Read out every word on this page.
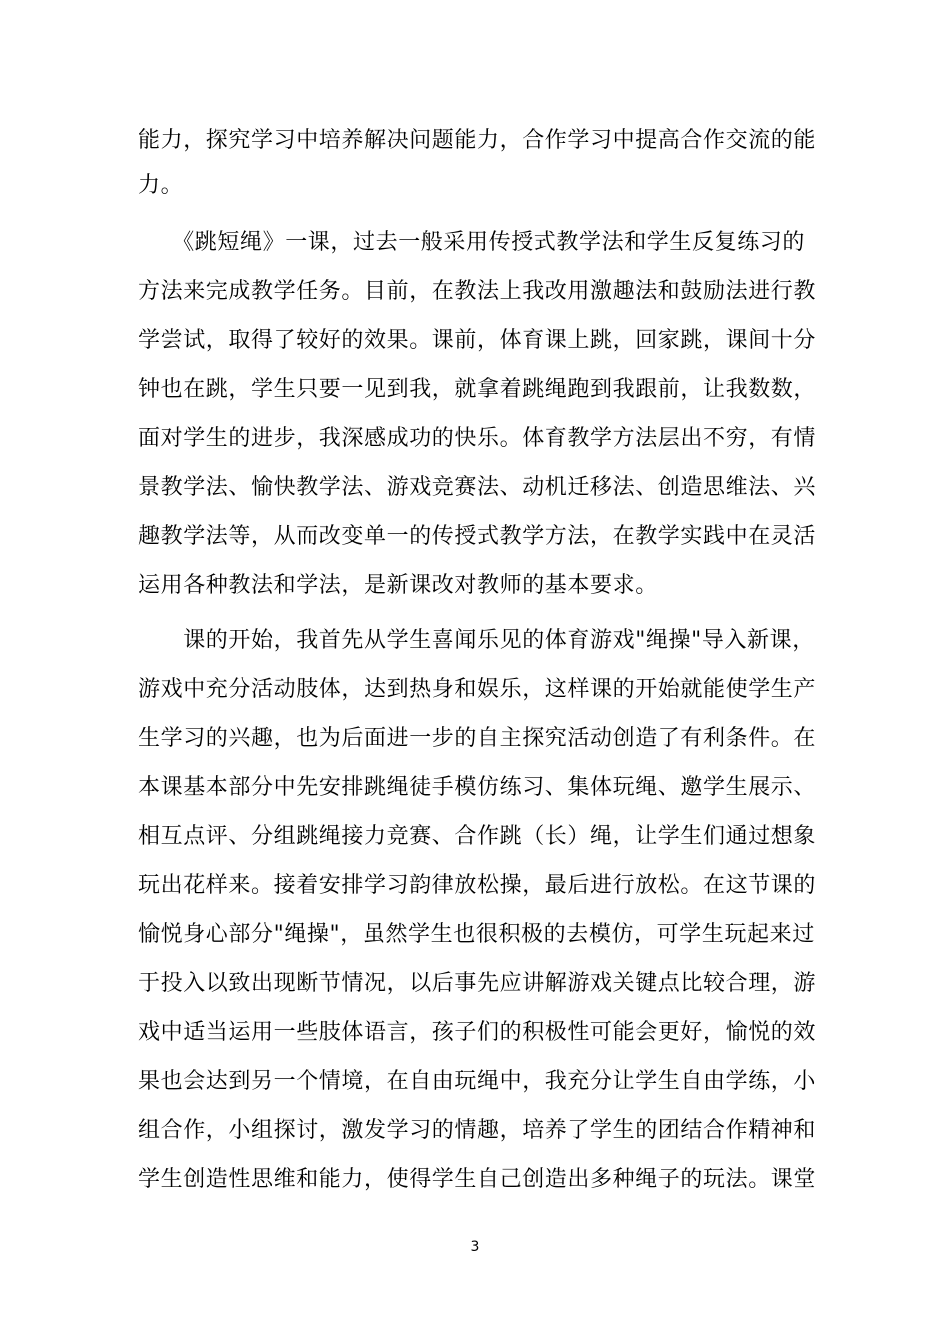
能力，探究学习中培养解决问题能力，合作学习中提高合作交流的能
力。
　　《跳短绳》一课，过去一般采用传授式教学法和学生反复练习的
方法来完成教学任务。目前，在教法上我改用激趣法和鼓励法进行教
学尝试，取得了较好的效果。课前，体育课上跳，回家跳，课间十分
钟也在跳，学生只要一见到我，就拿着跳绳跑到我跟前，让我数数，
面对学生的进步，我深感成功的快乐。体育教学方法层出不穷，有情
景教学法、愉快教学法、游戏竞赛法、动机迁移法、创造思维法、兴
趣教学法等，从而改变单一的传授式教学方法，在教学实践中在灵活
运用各种教法和学法，是新课改对教师的基本要求。
　　课的开始，我首先从学生喜闻乐见的体育游戏"绳操"导入新课，
游戏中充分活动肢体，达到热身和娱乐，这样课的开始就能使学生产
生学习的兴趣，也为后面进一步的自主探究活动创造了有利条件。在
本课基本部分中先安排跳绳徒手模仿练习、集体玩绳、邀学生展示、
相互点评、分组跳绳接力竞赛、合作跳（长）绳，让学生们通过想象
玩出花样来。接着安排学习韵律放松操，最后进行放松。在这节课的
愉悦身心部分"绳操"，虽然学生也很积极的去模仿，可学生玩起来过
于投入以致出现断节情况，以后事先应讲解游戏关键点比较合理，游
戏中适当运用一些肢体语言，孩子们的积极性可能会更好，愉悦的效
果也会达到另一个情境，在自由玩绳中，我充分让学生自由学练，小
组合作，小组探讨，激发学习的情趣，培养了学生的团结合作精神和
学生创造性思维和能力，使得学生自己创造出多种绳子的玩法。课堂
3
